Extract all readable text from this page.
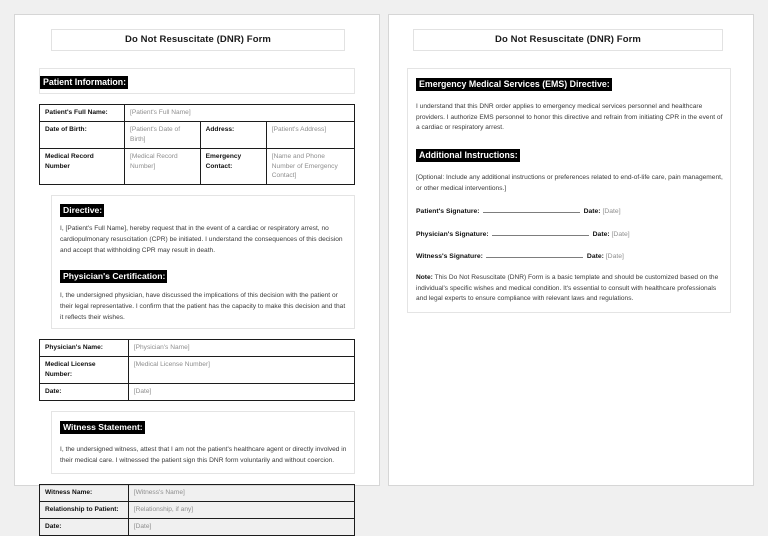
Do Not Resuscitate (DNR) Form
Patient Information:
Patient's Full Name:	[Patient's Full Name]		
Date of Birth:	[Patient's Date of Birth]	Address:	[Patient's Address]
Medical Record Number	[Medical Record Number]	Emergency Contact:	[Name and Phone Number of Emergency Contact]
Directive:

I, [Patient's Full Name], hereby request that in the event of a cardiac or respiratory arrest, no cardiopulmonary resuscitation (CPR) be initiated. I understand the consequences of this decision and accept that withholding CPR may result in death.

Physician's Certification:

I, the undersigned physician, have discussed the implications of this decision with the patient or their legal representative. I confirm that the patient has the capacity to make this decision and that it reflects their wishes.

Physician's Name:	[Physician's Name]
Medical License Number:	[Medical License Number]
Date:	[Date]
Witness Statement:

I, the undersigned witness, attest that I am not the patient's healthcare agent or directly involved in their medical care. I witnessed the patient sign this DNR form voluntarily and without coercion.

Witness Name:	[Witness's Name]
Relationship to Patient:	[Relationship, if any]
Date:	[Date]
Do Not Resuscitate (DNR) Form
Emergency Medical Services (EMS) Directive:

I understand that this DNR order applies to emergency medical services personnel and healthcare providers. I authorize EMS personnel to honor this directive and refrain from initiating CPR in the event of a cardiac or respiratory arrest.

Additional Instructions:

[Optional: Include any additional instructions or preferences related to end-of-life care, pain management, or other medical interventions.]

Patient's Signature:	Date: [Date]
Physician's Signature:	Date: [Date]
Witness's Signature:	Date: [Date]

Note: This Do Not Resuscitate (DNR) Form is a basic template and should be customized based on the individual's specific wishes and medical condition. It's essential to consult with healthcare professionals and legal experts to ensure compliance with relevant laws and regulations.
